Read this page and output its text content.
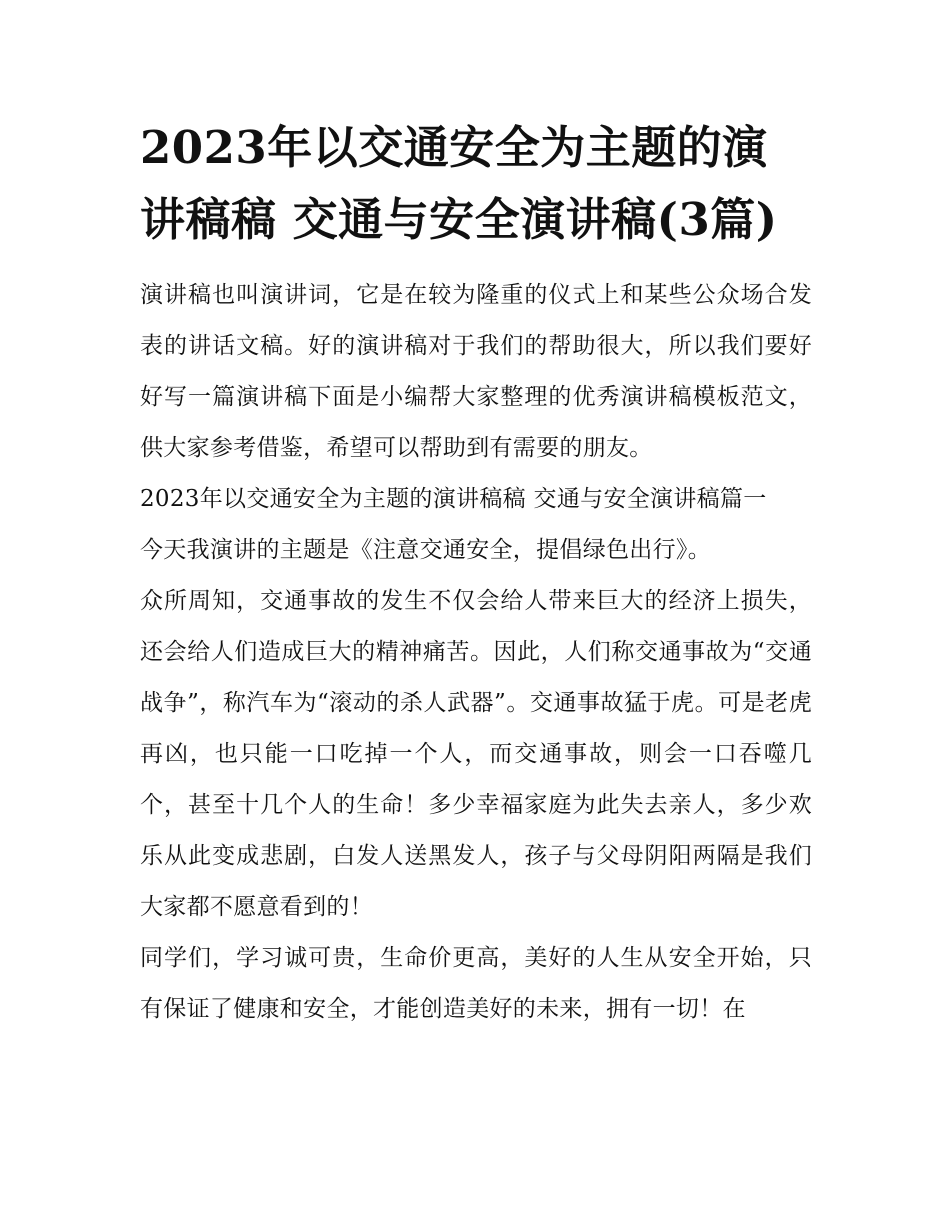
2023年以交通安全为主题的演讲稿稿 交通与安全演讲稿(3篇)

演讲稿也叫演讲词，它是在较为隆重的仪式上和某些公众场合发表的讲话文稿。好的演讲稿对于我们的帮助很大，所以我们要好好写一篇演讲稿下面是小编帮大家整理的优秀演讲稿模板范文，供大家参考借鉴，希望可以帮助到有需要的朋友。

2023年以交通安全为主题的演讲稿稿 交通与安全演讲稿篇一

今天我演讲的主题是《注意交通安全，提倡绿色出行》。

众所周知，交通事故的发生不仅会给人带来巨大的经济上损失，还会给人们造成巨大的精神痛苦。因此，人们称交通事故为“交通战争”，称汽车为“滚动的杀人武器”。交通事故猛于虎。可是老虎再凶，也只能一口吃掉一个人，而交通事故，则会一口吞噬几个，甚至十几个人的生命！多少幸福家庭为此失去亲人，多少欢乐从此变成悲剧，白发人送黑发人，孩子与父母阴阳两隔是我们大家都不愿意看到的！

同学们，学习诚可贵，生命价更高，美好的人生从安全开始，只有保证了健康和安全，才能创造美好的未来，拥有一切！在
